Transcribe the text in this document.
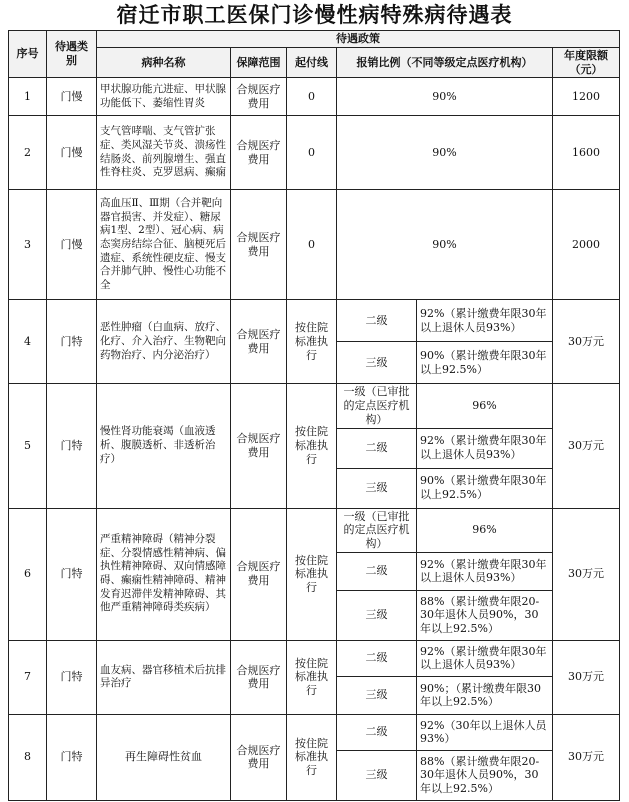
宿迁市职工医保门诊慢性病特殊病待遇表
序号	待遇类别	待遇政策					
		病种名称	保障范围	起付线	报销比例（不同等级定点医疗机构）		年度限额（元）
1	门慢	甲状腺功能亢进症、甲状腺功能低下、萎缩性胃炎	合规医疗费用	0	90%		1200
2	门慢	支气管哮喘、支气管扩张症、类风湿关节炎、溃疡性结肠炎、前列腺增生、强直性脊柱炎、克罗恩病、癫痫	合规医疗费用	0	90%		1600
3	门慢	高血压Ⅱ、Ⅲ期（合并靶向器官损害、并发症）、糖尿病1型、2型）、冠心病、病态窦房结综合征、脑梗死后遗症、系统性硬皮症、慢支合并肺气肿、慢性心功能不全	合规医疗费用	0	90%		2000
4	门特	恶性肿瘤（白血病、放疗、化疗、介入治疗、生物靶向药物治疗、内分泌治疗）	合规医疗费用	按住院标准执行	二级	92%（累计缴费年限30年以上退休人员93%）	30万元
					三级	90%（累计缴费年限30年以上92.5%）	
5	门特	慢性肾功能衰竭（血液透析、腹膜透析、非透析治疗）	合规医疗费用	按住院标准执行	一级（已审批的定点医疗机构）	96%	30万元
					二级	92%（累计缴费年限30年以上退休人员93%）	
					三级	90%（累计缴费年限30年以上92.5%）	
6	门特	严重精神障碍（精神分裂症、分裂情感性精神病、偏执性精神障碍、双向情感障碍、癫痫性精神障碍、精神发育迟滞伴发精神障碍、其他严重精神障碍类疾病）	合规医疗费用	按住院标准执行	一级（已审批的定点医疗机构）	96%	30万元
					二级	92%（累计缴费年限30年以上退休人员93%）	
					三级	88%（累计缴费年限20-30年退休人员90%，30年以上92.5%）	
7	门特	血友病、器官移植术后抗排异治疗	合规医疗费用	按住院标准执行	二级	92%（累计缴费年限30年以上退休人员93%）	30万元
					三级	90%；（累计缴费年限30年以上92.5%）	
8	门特	再生障碍性贫血	合规医疗费用	按住院标准执行	二级	92%（30年以上退休人员93%）	30万元
					三级	88%（累计缴费年限20-30年退休人员90%，30年以上92.5%）	
